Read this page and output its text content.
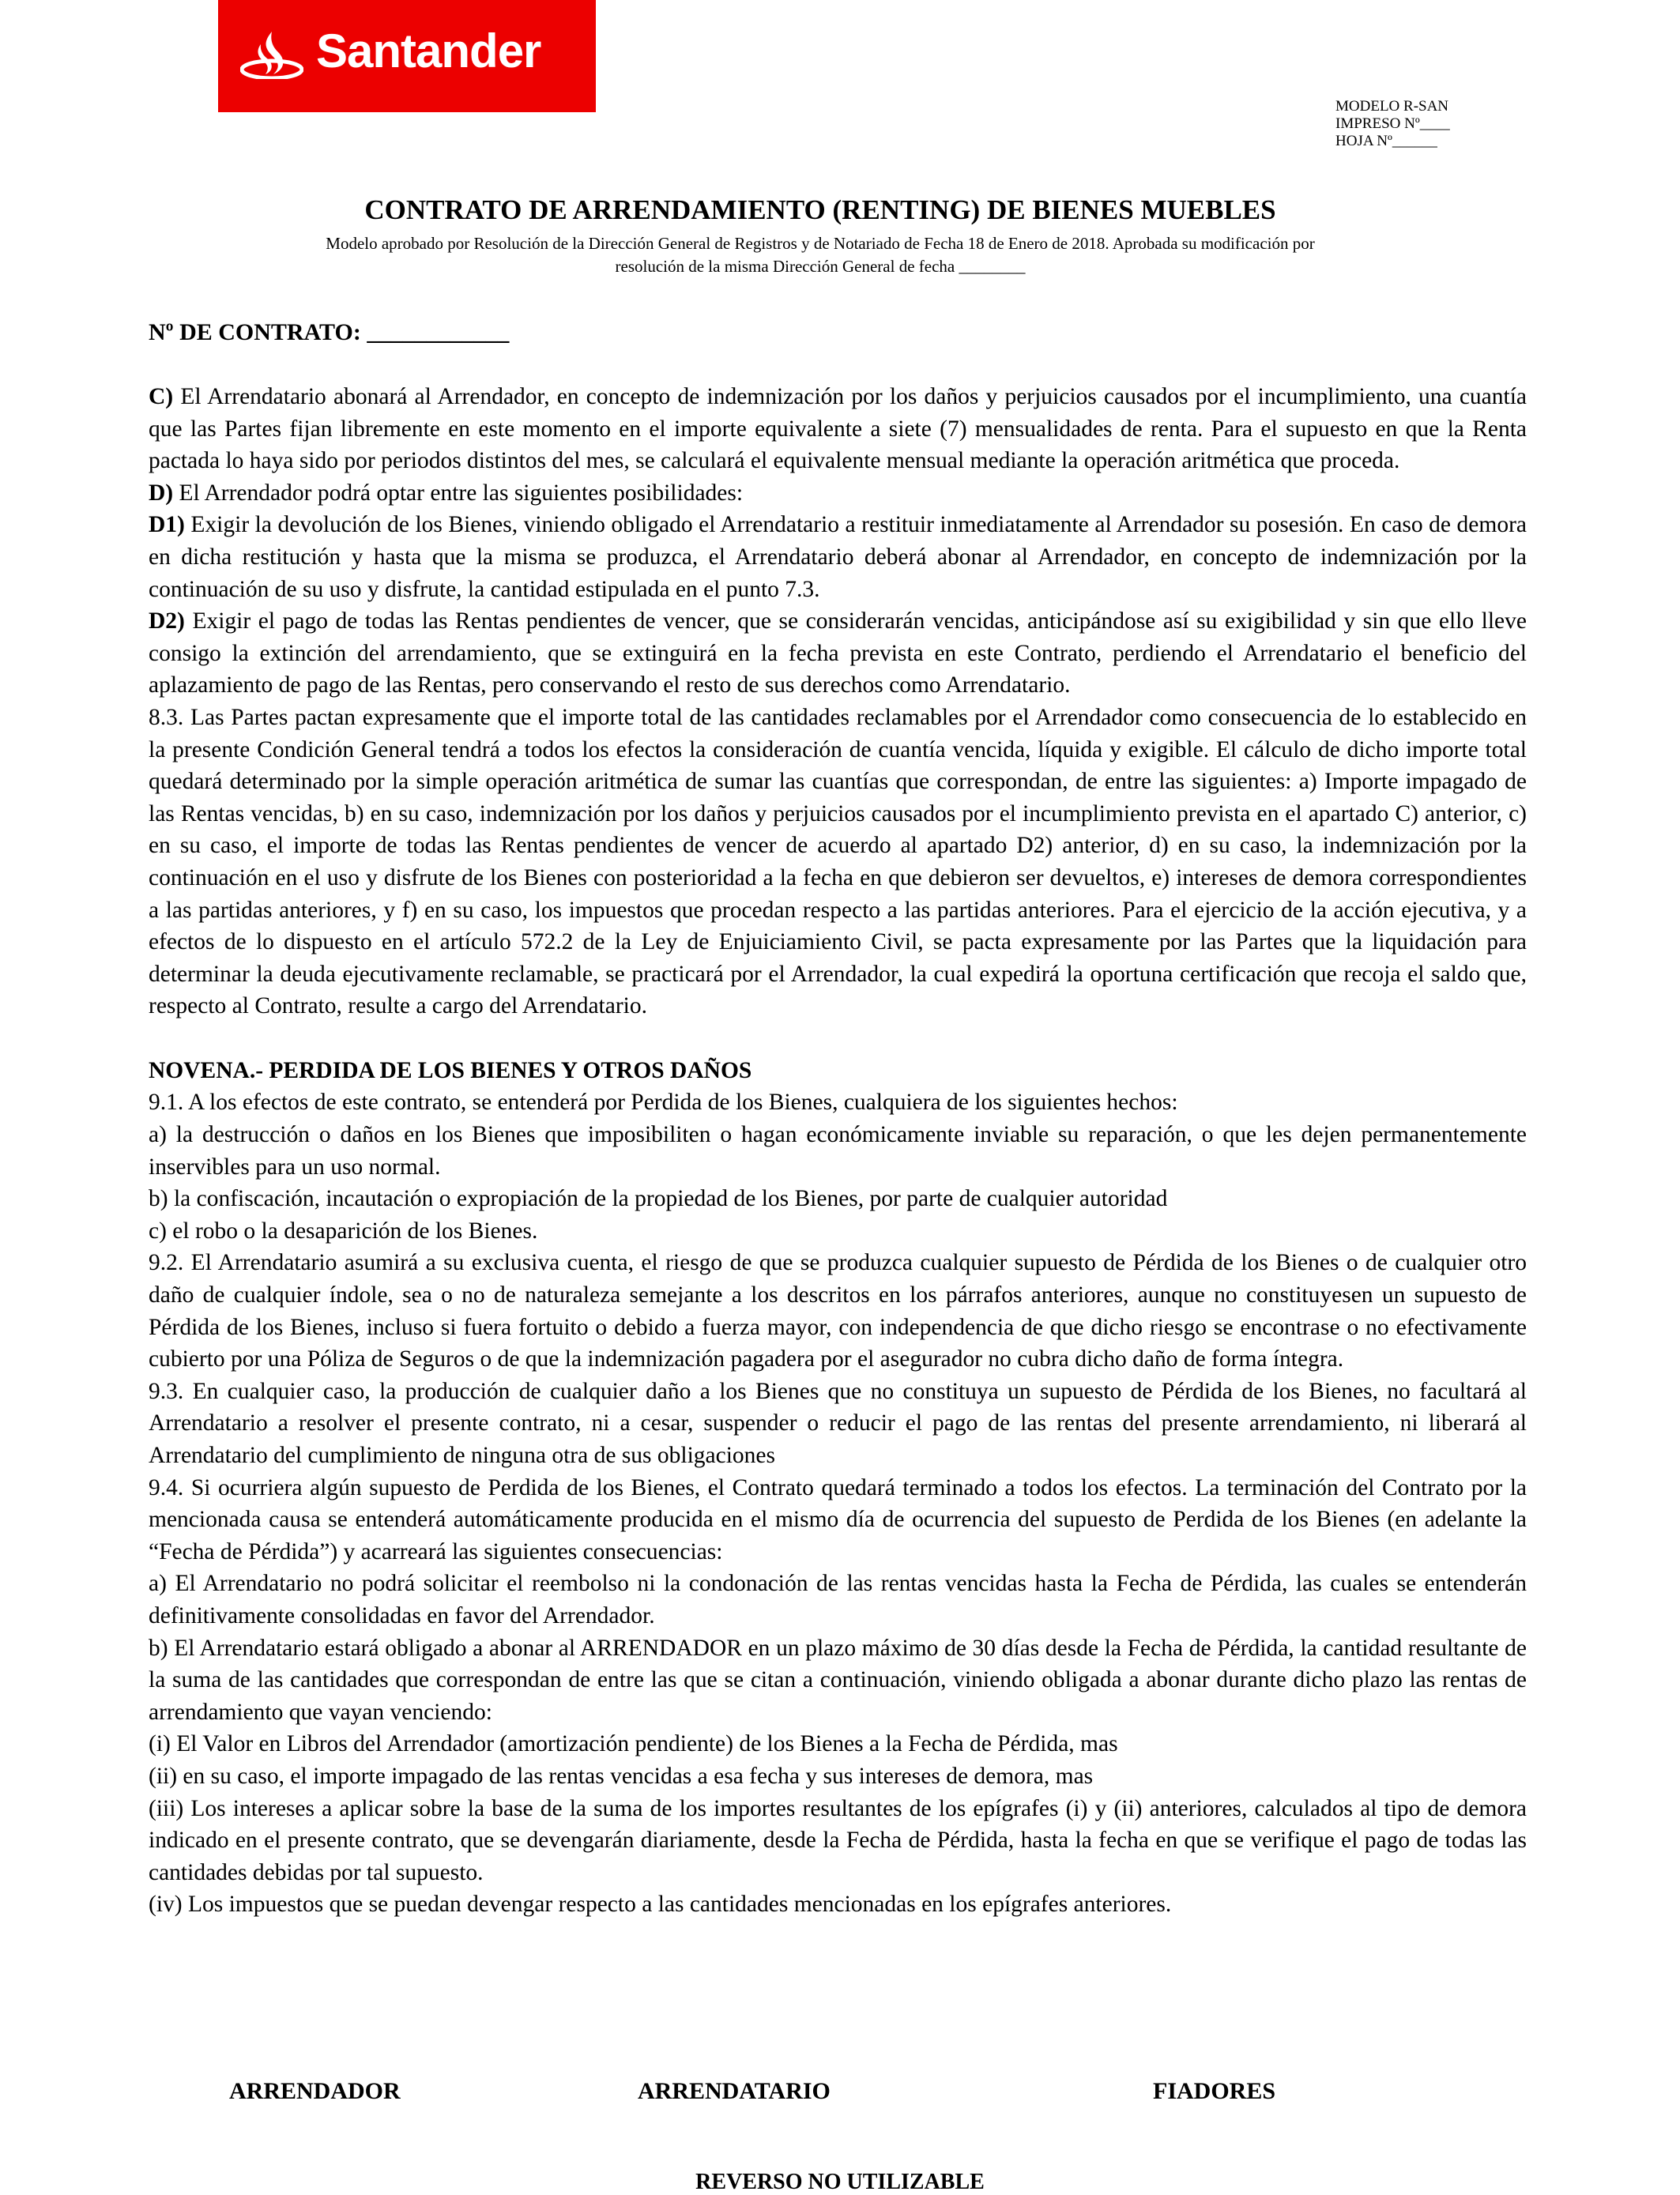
Santander
MODELO R-SAN
IMPRESO Nº____
HOJA Nº______
CONTRATO DE ARRENDAMIENTO (RENTING) DE BIENES MUEBLES
Modelo aprobado por Resolución de la Dirección General de Registros y de Notariado de Fecha 18 de Enero de 2018. Aprobada su modificación por
resolución de la misma Dirección General de fecha ________
Nº DE CONTRATO: ____________

C) El Arrendatario abonará al Arrendador, en concepto de indemnización por los daños y perjuicios causados por el incumplimiento, una cuantía que las Partes fijan libremente en este momento en el importe equivalente a siete (7) mensualidades de renta. Para el supuesto en que la Renta pactada lo haya sido por periodos distintos del mes, se calculará el equivalente mensual mediante la operación aritmética que proceda.

D) El Arrendador podrá optar entre las siguientes posibilidades:

D1) Exigir la devolución de los Bienes, viniendo obligado el Arrendatario a restituir inmediatamente al Arrendador su posesión. En caso de demora en dicha restitución y hasta que la misma se produzca, el Arrendatario deberá abonar al Arrendador, en concepto de indemnización por la continuación de su uso y disfrute, la cantidad estipulada en el punto 7.3.

D2) Exigir el pago de todas las Rentas pendientes de vencer, que se considerarán vencidas, anticipándose así su exigibilidad y sin que ello lleve consigo la extinción del arrendamiento, que se extinguirá en la fecha prevista en este Contrato, perdiendo el Arrendatario el beneficio del aplazamiento de pago de las Rentas, pero conservando el resto de sus derechos como Arrendatario.

8.3. Las Partes pactan expresamente que el importe total de las cantidades reclamables por el Arrendador como consecuencia de lo establecido en la presente Condición General tendrá a todos los efectos la consideración de cuantía vencida, líquida y exigible. El cálculo de dicho importe total quedará determinado por la simple operación aritmética de sumar las cuantías que correspondan, de entre las siguientes: a) Importe impagado de las Rentas vencidas, b) en su caso, indemnización por los daños y perjuicios causados por el incumplimiento prevista en el apartado C) anterior, c) en su caso, el importe de todas las Rentas pendientes de vencer de acuerdo al apartado D2) anterior, d) en su caso, la indemnización por la continuación en el uso y disfrute de los Bienes con posterioridad a la fecha en que debieron ser devueltos, e) intereses de demora correspondientes a las partidas anteriores, y f) en su caso, los impuestos que procedan respecto a las partidas anteriores. Para el ejercicio de la acción ejecutiva, y a efectos de lo dispuesto en el artículo 572.2 de la Ley de Enjuiciamiento Civil, se pacta expresamente por las Partes que la liquidación para determinar la deuda ejecutivamente reclamable, se practicará por el Arrendador, la cual expedirá la oportuna certificación que recoja el saldo que, respecto al Contrato, resulte a cargo del Arrendatario.

NOVENA.- PERDIDA DE LOS BIENES Y OTROS DAÑOS

9.1. A los efectos de este contrato, se entenderá por Perdida de los Bienes, cualquiera de los siguientes hechos:

a) la destrucción o daños en los Bienes que imposibiliten o hagan económicamente inviable su reparación, o que les dejen permanentemente inservibles para un uso normal.

b) la confiscación, incautación o expropiación de la propiedad de los Bienes, por parte de cualquier autoridad

c) el robo o la desaparición de los Bienes.

9.2. El Arrendatario asumirá a su exclusiva cuenta, el riesgo de que se produzca cualquier supuesto de Pérdida de los Bienes o de cualquier otro daño de cualquier índole, sea o no de naturaleza semejante a los descritos en los párrafos anteriores, aunque no constituyesen un supuesto de Pérdida de los Bienes, incluso si fuera fortuito o debido a fuerza mayor, con independencia de que dicho riesgo se encontrase o no efectivamente cubierto por una Póliza de Seguros o de que la indemnización pagadera por el asegurador no cubra dicho daño de forma íntegra.

9.3. En cualquier caso, la producción de cualquier daño a los Bienes que no constituya un supuesto de Pérdida de los Bienes, no facultará al Arrendatario a resolver el presente contrato, ni a cesar, suspender o reducir el pago de las rentas del presente arrendamiento, ni liberará al Arrendatario del cumplimiento de ninguna otra de sus obligaciones

9.4. Si ocurriera algún supuesto de Perdida de los Bienes, el Contrato quedará terminado a todos los efectos. La terminación del Contrato por la mencionada causa se entenderá automáticamente producida en el mismo día de ocurrencia del supuesto de Perdida de los Bienes (en adelante la “Fecha de Pérdida”) y acarreará las siguientes consecuencias:

a) El Arrendatario no podrá solicitar el reembolso ni la condonación de las rentas vencidas hasta la Fecha de Pérdida, las cuales se entenderán definitivamente consolidadas en favor del Arrendador.

b) El Arrendatario estará obligado a abonar al ARRENDADOR en un plazo máximo de 30 días desde la Fecha de Pérdida, la cantidad resultante de la suma de las cantidades que correspondan de entre las que se citan a continuación, viniendo obligada a abonar durante dicho plazo las rentas de arrendamiento que vayan venciendo:

(i) El Valor en Libros del Arrendador (amortización pendiente) de los Bienes a la Fecha de Pérdida, mas

(ii) en su caso, el importe impagado de las rentas vencidas a esa fecha y sus intereses de demora, mas

(iii) Los intereses a aplicar sobre la base de la suma de los importes resultantes de los epígrafes (i) y (ii) anteriores, calculados al tipo de demora indicado en el presente contrato, que se devengarán diariamente, desde la Fecha de Pérdida, hasta la fecha en que se verifique el pago de todas las cantidades debidas por tal supuesto.

(iv) Los impuestos que se puedan devengar respecto a las cantidades mencionadas en los epígrafes anteriores.

ARRENDADOR	ARRENDATARIO	FIADORES
REVERSO NO UTILIZABLE
